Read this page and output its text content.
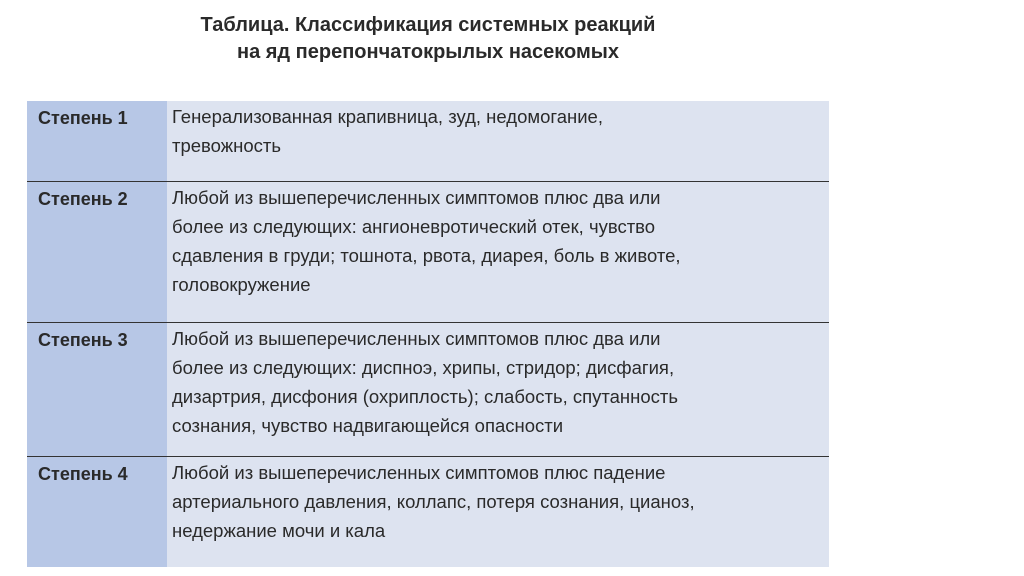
Таблица. Классификация системных реакций
на яд перепончатокрылых насекомых
Степень 1 Генерализованная крапивница, зуд, недомогание,
тревожность
Степень 2 Любой из вышеперечисленных симптомов плюс два или
более из следующих: ангионевротический отек, чувство
сдавления в груди; тошнота, рвота, диарея, боль в животе,
головокружение
Степень 3 Любой из вышеперечисленных симптомов плюс два или
более из следующих: диспноэ, хрипы, стридор; дисфагия,
дизартрия, дисфония (охриплость); слабость, спутанность
сознания, чувство надвигающейся опасности
Степень 4 Любой из вышеперечисленных симптомов плюс падение
артериального давления, коллапс, потеря сознания, цианоз,
недержание мочи и кала
